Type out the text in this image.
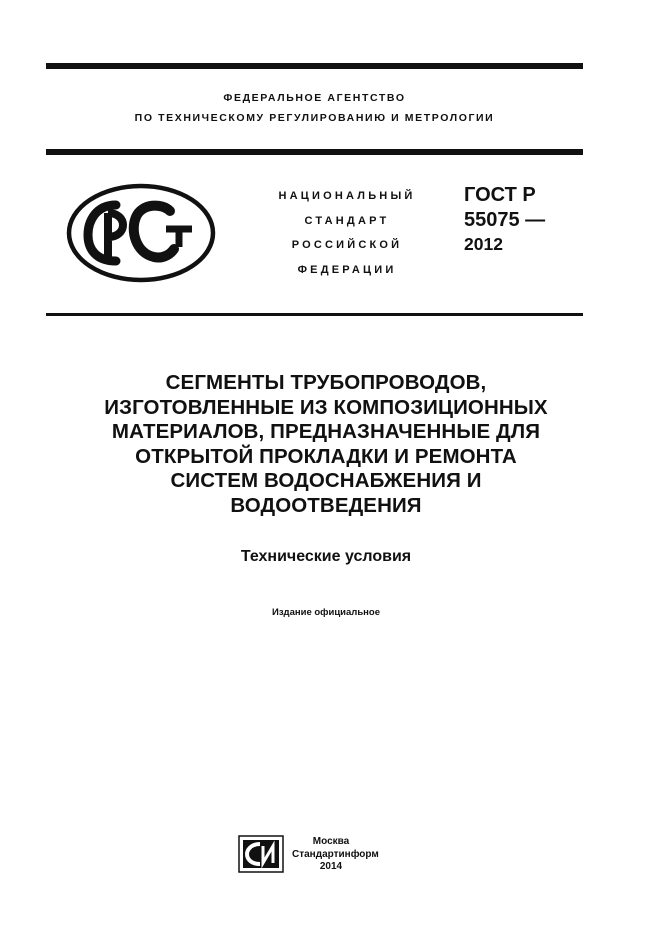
ФЕДЕРАЛЬНОЕ АГЕНТСТВО
ПО ТЕХНИЧЕСКОМУ РЕГУЛИРОВАНИЮ И МЕТРОЛОГИИ
НАЦИОНАЛЬНЫЙ
СТАНДАРТ
РОССИЙСКОЙ
ФЕДЕРАЦИИ
ГОСТ Р
55075 —
2012
СЕГМЕНТЫ ТРУБОПРОВОДОВ,
ИЗГОТОВЛЕННЫЕ ИЗ КОМПОЗИЦИОННЫХ
МАТЕРИАЛОВ, ПРЕДНАЗНАЧЕННЫЕ ДЛЯ
ОТКРЫТОЙ ПРОКЛАДКИ И РЕМОНТА
СИСТЕМ ВОДОСНАБЖЕНИЯ И
ВОДООТВЕДЕНИЯ
Технические условия
Издание официальное
Москва
Стандартинформ
2014
